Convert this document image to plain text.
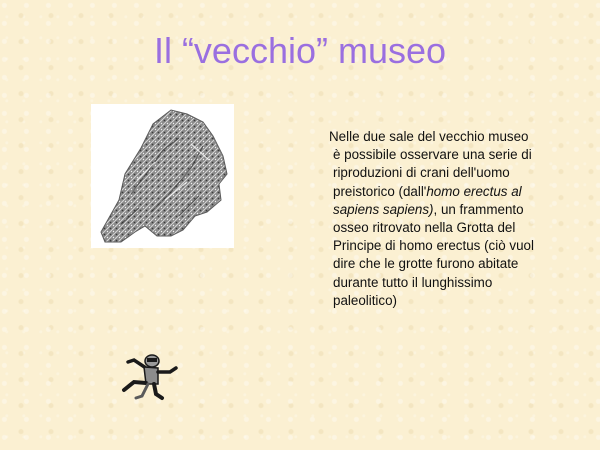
Il “vecchio” museo
Nelle due sale del vecchio museo
è possibile osservare una serie di
riproduzioni di crani dell'uomo
preistorico (dall'homo erectus al
sapiens sapiens), un frammento
osseo ritrovato nella Grotta del
Principe di homo erectus (ciò vuol
dire che le grotte furono abitate
durante tutto il lunghissimo
paleolitico)
